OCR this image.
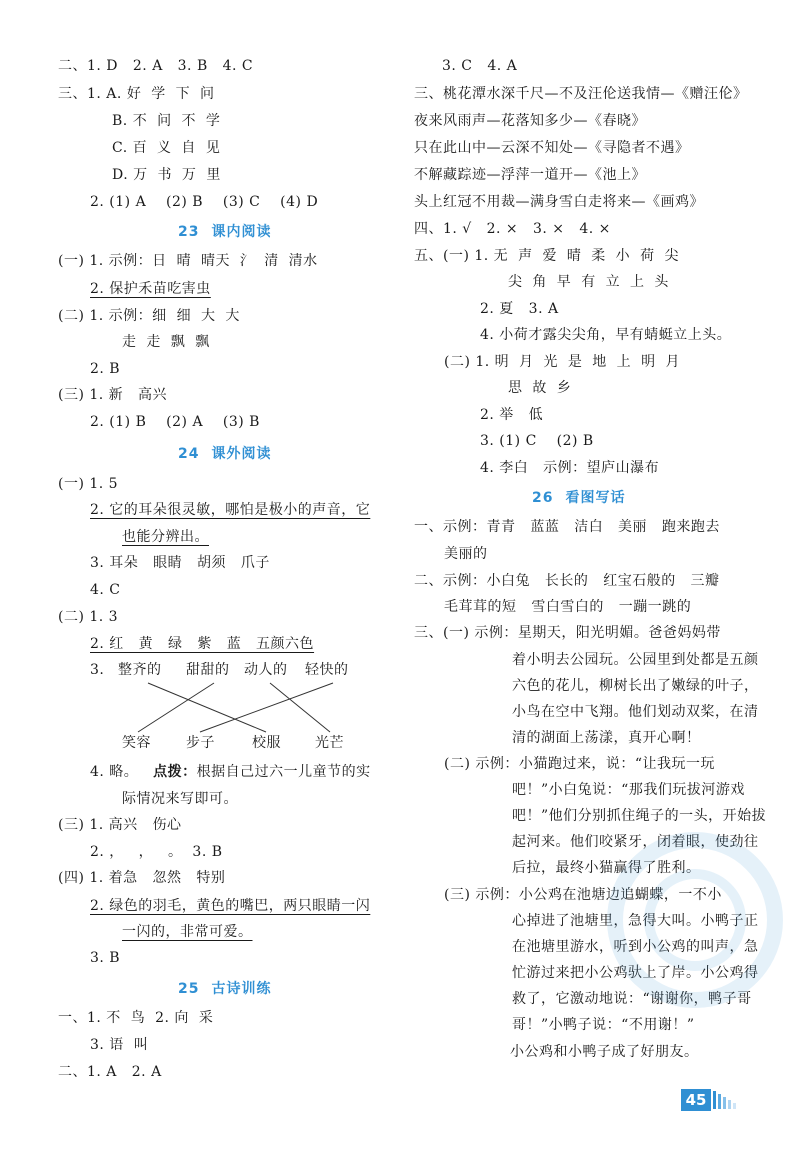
二、1. D   2. A   3. B   4. C
三、1. A. 好  学  下  问
B. 不  问  不  学
C. 百  义  自  见
D. 万  书  万  里
2. (1) A    (2) B    (3) C    (4) D
23 课内阅读
(一) 1. 示例：日  晴  晴天  氵  清  清水
2. 保护禾苗吃害虫
(二) 1. 示例：细  细  大  大
走  走  飘  飘
2. B
(三) 1. 新   高兴
2. (1) B    (2) A    (3) B
24 课外阅读
(一) 1. 5
2. 它的耳朵很灵敏，哪怕是极小的声音，它
也能分辨出。
3. 耳朵   眼睛   胡须   爪子
4. C
(二) 1. 3
2. 红   黄   绿   紫   蓝   五颜六色
3. 整齐的 甜甜的 动人的 轻快的
笑容	步子	校服 光芒
4. 略。 点拨：根据自己过六一儿童节的实
际情况来写即可。
(三) 1. 高兴   伤心
2. ，   ，   。  3. B
(四) 1. 着急   忽然   特别
2. 绿色的羽毛，黄色的嘴巴，两只眼睛一闪
一闪的，非常可爱。
3. B
25 古诗训练
一、1. 不  鸟  2. 向  采
3. 语  叫
二、1. A   2. A
3. C   4. A
三、桃花潭水深千尺—不及汪伦送我情—《赠汪伦》
夜来风雨声—花落知多少—《春晓》
只在此山中—云深不知处—《寻隐者不遇》
不解藏踪迹—浮萍一道开—《池上》
头上红冠不用裁—满身雪白走将来—《画鸡》
四、1. √   2. ×   3. ×   4. ×
五、(一) 1. 无  声  爱  晴  柔  小  荷  尖
尖  角  早  有  立  上  头
2. 夏   3. A
4. 小荷才露尖尖角，早有蜻蜓立上头。
(二) 1. 明  月  光  是  地  上  明  月
思  故  乡
2. 举   低
3. (1) C    (2) B
4. 李白   示例：望庐山瀑布
26 看图写话
一、示例：青青   蓝蓝   洁白   美丽   跑来跑去
美丽的
二、示例：小白兔   长长的   红宝石般的   三瓣
毛茸茸的短   雪白雪白的   一蹦一跳的
三、(一) 示例：星期天，阳光明媚。爸爸妈妈带
着小明去公园玩。公园里到处都是五颜
六色的花儿，柳树长出了嫩绿的叶子，
小鸟在空中飞翔。他们划动双桨，在清
清的湖面上荡漾，真开心啊！
(二) 示例：小猫跑过来，说：“让我玩一玩
吧！”小白兔说：“那我们玩拔河游戏
吧！”他们分别抓住绳子的一头，开始拔
起河来。他们咬紧牙，闭着眼，使劲往
后拉，最终小猫赢得了胜利。
(三) 示例：小公鸡在池塘边追蝴蝶，一不小
心掉进了池塘里，急得大叫。小鸭子正
在池塘里游水，听到小公鸡的叫声，急
忙游过来把小公鸡驮上了岸。小公鸡得
救了，它激动地说：“谢谢你，鸭子哥
哥！”小鸭子说：“不用谢！”
小公鸡和小鸭子成了好朋友。
45
